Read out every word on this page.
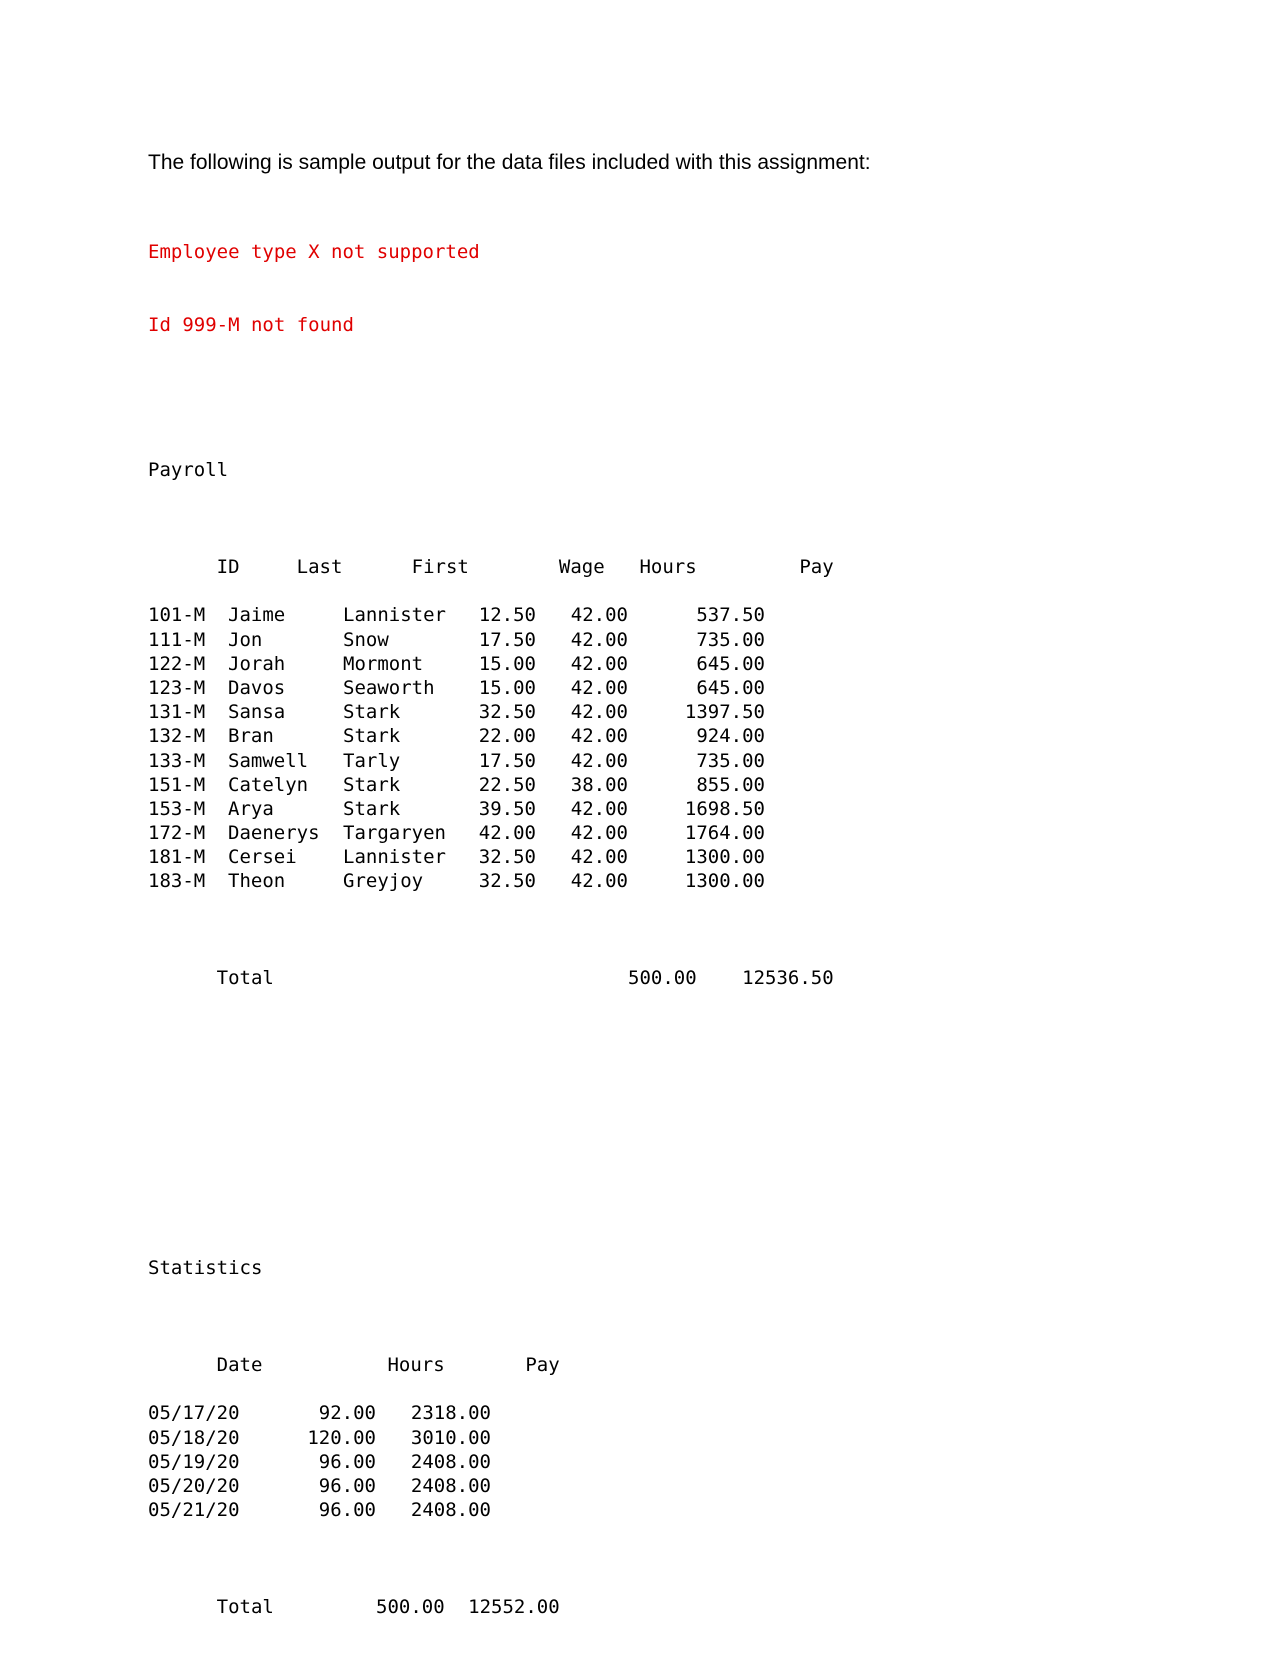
The following is sample output for the data files included with this assignment:

Employee type X not supported

Id 999-M not found

Payroll

ID	Last	First	Wage Hours	Pay

101-M Jaime	Lannister 12.50 42.00	537.50
111-M Jon	Snow	17.50 42.00	735.00
122-M Jorah	Mormont	15.00 42.00	645.00
123-M Davos	Seaworth 15.00 42.00	645.00
131-M Sansa	Stark	32.50 42.00	1397.50
132-M Bran	Stark	22.00 42.00	924.00
133-M Samwell Tarly	17.50 42.00	735.00
151-M Catelyn Stark	22.50 38.00	855.00
153-M Arya	Stark	39.50 42.00	1698.50
172-M Daenerys Targaryen 42.00 42.00	1764.00
181-M Cersei Lannister 32.50 42.00	1300.00
183-M Theon	Greyjoy	32.50 42.00	1300.00

Total	500.00 12536.50

Statistics

Date	Hours	Pay

05/17/20	92.00 2318.00
05/18/20	120.00 3010.00
05/19/20	96.00 2408.00
05/20/20	96.00 2408.00
05/21/20	96.00 2408.00

Total	500.00 12552.00
